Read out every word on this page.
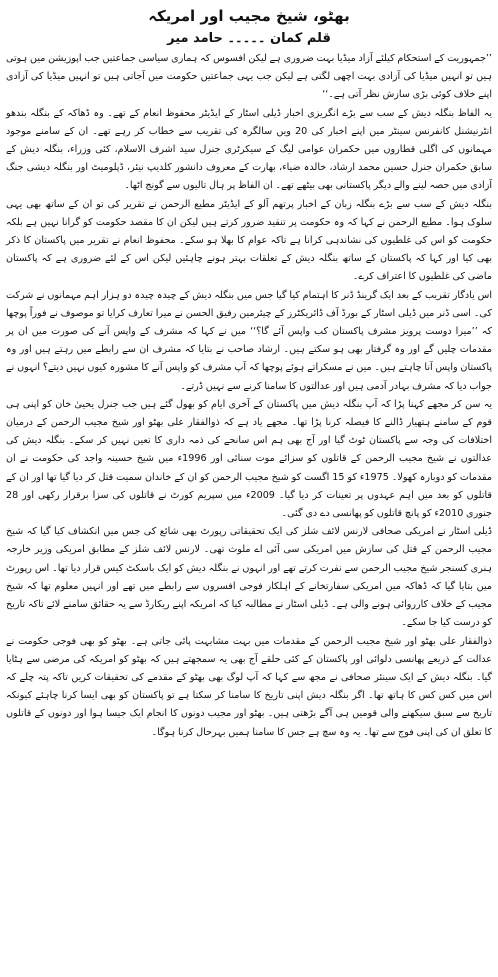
بھٹو، شیخ مجیب اور امریکہ
قلم کمان ۔۔۔۔۔ حامد میر

’’جمہوریت کے استحکام کیلئے آزاد میڈیا بہت ضروری ہے لیکن افسوس کہ ہماری سیاسی جماعتیں جب اپوزیشن میں ہوتی ہیں تو انہیں میڈیا کی آزادی بہت اچھی لگتی ہے لیکن جب یہی جماعتیں حکومت میں آجاتی ہیں تو انہیں میڈیا کی آزادی اپنے خلاف کوئی بڑی سازش نظر آتی ہے۔‘‘

یہ الفاظ بنگلہ دیش کے سب سے بڑے انگریزی اخبار ڈیلی اسٹار کے ایڈیٹر محفوظ انعام کے تھے۔ وہ ڈھاکہ کے بنگلہ بندھو انٹرنیشنل کانفرنس سینٹر میں اپنے اخبار کی 20 ویں سالگرہ کی تقریب سے خطاب کر رہے تھے۔ ان کے سامنے موجود مہمانوں کی اگلی قطاروں میں حکمران عوامی لیگ کے سیکرٹری جنرل سید اشرف الاسلام، کئی وزراء، بنگلہ دیش کے سابق حکمران جنرل حسین محمد ارشاد، خالدہ ضیاء، بھارت کے معروف دانشور کلدیپ نیئر، ڈپلومیٹ اور بنگلہ دیشی جنگ آزادی میں حصہ لینے والے دیگر پاکستانی بھی بیٹھے تھے۔ ان الفاظ پر ہال تالیوں سے گونج اٹھا۔

بنگلہ دیش کے سب سے بڑے بنگلہ زبان کے اخبار پرتھم آلو کے ایڈیٹر مطیع الرحمن نے تقریر کی تو ان کے ساتھ بھی یہی سلوک ہوا۔ مطیع الرحمن نے کہا کہ وہ حکومت پر تنقید ضرور کرتے ہیں لیکن ان کا مقصد حکومت کو گرانا نہیں ہے بلکہ حکومت کو اس کی غلطیوں کی نشاندہی کرانا ہے تاکہ عوام کا بھلا ہو سکے۔ محفوظ انعام نے تقریر میں پاکستان کا ذکر بھی کیا اور کہا کہ پاکستان کے ساتھ بنگلہ دیش کے تعلقات بہتر ہونے چاہئیں لیکن اس کے لئے ضروری ہے کہ پاکستان ماضی کی غلطیوں کا اعتراف کرے۔

اس یادگار تقریب کے بعد ایک گرینڈ ڈنر کا اہتمام کیا گیا جس میں بنگلہ دیش کے چیدہ چیدہ دو ہزار اہم مہمانوں نے شرکت کی۔ اسی ڈنر میں ڈیلی اسٹار کے بورڈ آف ڈائریکٹرز کے چیئرمین رفیق الحسن نے میرا تعارف کرایا تو موصوف نے فوراً پوچھا کہ ’’میرا دوست پرویز مشرف پاکستان کب واپس آئے گا؟‘‘ میں نے کہا کہ مشرف کے واپس آنے کی صورت میں ان پر مقدمات چلیں گے اور وہ گرفتار بھی ہو سکتے ہیں۔ ارشاد صاحب نے بتایا کہ مشرف ان سے رابطے میں رہتے ہیں اور وہ پاکستان واپس آنا چاہتے ہیں۔ میں نے مسکراتے ہوئے پوچھا کہ آپ مشرف کو واپس آنے کا مشورہ کیوں نہیں دیتے؟ انہوں نے جواب دیا کہ مشرف بہادر آدمی ہیں اور عدالتوں کا سامنا کرنے سے نہیں ڈرتے۔

یہ سن کر مجھے کہنا پڑا کہ آپ بنگلہ دیش میں پاکستان کے آخری ایام کو بھول گئے ہیں جب جنرل یحییٰ خان کو اپنی ہی قوم کے سامنے ہتھیار ڈالنے کا فیصلہ کرنا پڑا تھا۔ مجھے یاد ہے کہ ذوالفقار علی بھٹو اور شیخ مجیب الرحمن کے درمیان اختلافات کی وجہ سے پاکستان ٹوٹ گیا اور آج بھی ہم اس سانحے کی ذمہ داری کا تعین نہیں کر سکے۔ بنگلہ دیش کی عدالتوں نے شیخ مجیب الرحمن کے قاتلوں کو سزائے موت سنائی اور 1996ء میں شیخ حسینہ واجد کی حکومت نے ان مقدمات کو دوبارہ کھولا۔ 1975ء کو 15 اگست کو شیخ مجیب الرحمن کو ان کے خاندان سمیت قتل کر دیا گیا تھا اور ان کے قاتلوں کو بعد میں اہم عہدوں پر تعینات کر دیا گیا۔ 2009ء میں سپریم کورٹ نے قاتلوں کی سزا برقرار رکھی اور 28 جنوری 2010ء کو پانچ قاتلوں کو پھانسی دے دی گئی۔

ڈیلی اسٹار نے امریکی صحافی لارنس لائف شلز کی ایک تحقیقاتی رپورٹ بھی شائع کی جس میں انکشاف کیا گیا کہ شیخ مجیب الرحمن کے قتل کی سازش میں امریکی سی آئی اے ملوث تھی۔ لارنس لائف شلز کے مطابق امریکی وزیر خارجہ ہنری کسنجر شیخ مجیب الرحمن سے نفرت کرتے تھے اور انہوں نے بنگلہ دیش کو ایک باسکٹ کیس قرار دیا تھا۔ اس رپورٹ میں بتایا گیا کہ ڈھاکہ میں امریکی سفارتخانے کے اہلکار فوجی افسروں سے رابطے میں تھے اور انہیں معلوم تھا کہ شیخ مجیب کے خلاف کارروائی ہونے والی ہے۔ ڈیلی اسٹار نے مطالبہ کیا کہ امریکہ اپنے ریکارڈ سے یہ حقائق سامنے لائے تاکہ تاریخ کو درست کیا جا سکے۔

ذوالفقار علی بھٹو اور شیخ مجیب الرحمن کے مقدمات میں بہت مشابہت پائی جاتی ہے۔ بھٹو کو بھی فوجی حکومت نے عدالت کے ذریعے پھانسی دلوائی اور پاکستان کے کئی حلقے آج بھی یہ سمجھتے ہیں کہ بھٹو کو امریکہ کی مرضی سے ہٹایا گیا۔ بنگلہ دیش کے ایک سینئر صحافی نے مجھ سے کہا کہ آپ لوگ بھی بھٹو کے مقدمے کی تحقیقات کریں تاکہ پتہ چلے کہ اس میں کس کس کا ہاتھ تھا۔ اگر بنگلہ دیش اپنی تاریخ کا سامنا کر سکتا ہے تو پاکستان کو بھی ایسا کرنا چاہئے کیونکہ تاریخ سے سبق سیکھنے والی قومیں ہی آگے بڑھتی ہیں۔ بھٹو اور مجیب دونوں کا انجام ایک جیسا ہوا اور دونوں کے قاتلوں کا تعلق ان کی اپنی فوج سے تھا۔ یہ وہ سچ ہے جس کا سامنا ہمیں بہرحال کرنا ہوگا۔
